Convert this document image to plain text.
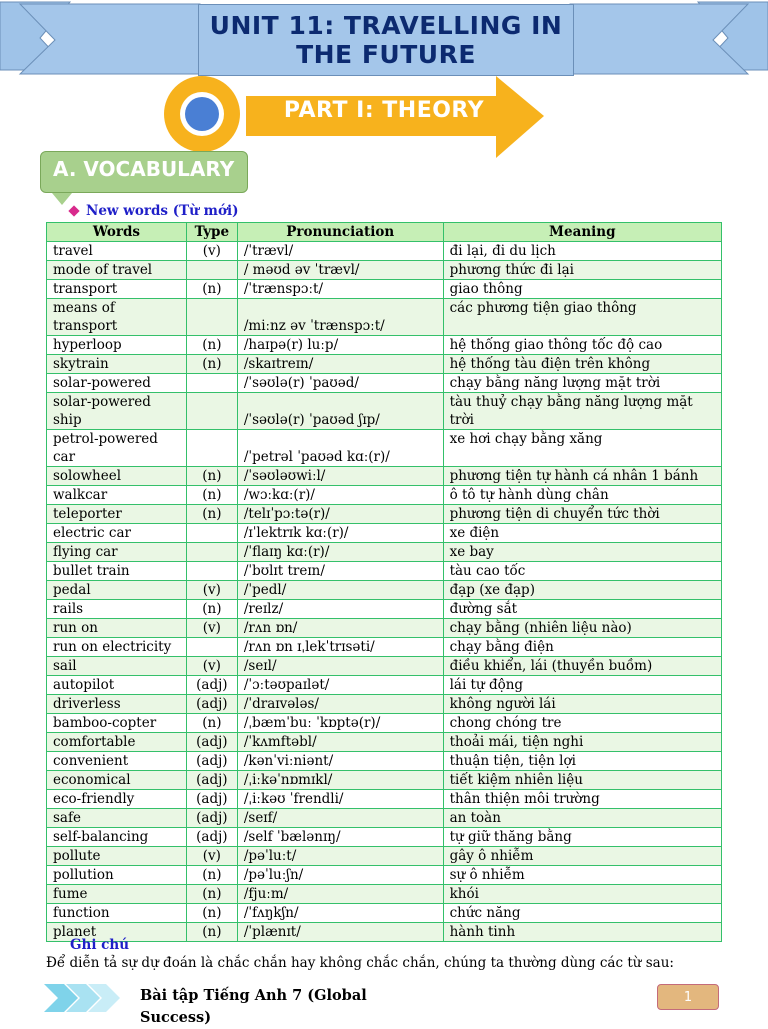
UNIT 11: TRAVELLING IN THE FUTURE
PART I: THEORY
A. VOCABULARY
New words (Từ mới)
Words	Type	Pronunciation	Meaning
travel	(v)	/ˈtrævl/	đi lại, đi du lịch
mode of travel		/ məʊd əv ˈtrævl/	phương thức đi lại
transport	(n)	/ˈtrænspɔːt/	giao thông
means of transport		/miːnz əv ˈtrænspɔːt/	các phương tiện giao thông
hyperloop	(n)	/haɪpə(r) luːp/	hệ thống giao thông tốc độ cao
skytrain	(n)	/skaɪtreɪn/	hệ thống tàu điện trên không
solar-powered		/ˈsəʊlə(r) ˈpaʊəd/	chạy bằng năng lượng mặt trời
solar-powered ship		/ˈsəʊlə(r) ˈpaʊəd ʃɪp/	tàu thuỷ chạy bằng năng lượng mặt trời
petrol-powered car		/ˈpetrəl ˈpaʊəd kɑː(r)/	xe hơi chạy bằng xăng
solowheel	(n)	/ˈsəʊləʊwiːl/	phương tiện tự hành cá nhân 1 bánh
walkcar	(n)	/wɔːkɑː(r)/	ô tô tự hành dùng chân
teleporter	(n)	/telɪˈpɔːtə(r)/	phương tiện di chuyển tức thời
electric car		/ɪˈlektrɪk kɑː(r)/	xe điện
flying car		/ˈflaɪŋ kɑː(r)/	xe bay
bullet train		/ˈbʊlɪt treɪn/	tàu cao tốc
pedal	(v)	/ˈpedl/	đạp (xe đạp)
rails	(n)	/reɪlz/	đường sắt
run on	(v)	/rʌn ɒn/	chạy bằng (nhiên liệu nào)
run on electricity		/rʌn ɒn ɪˌlekˈtrɪsəti/	chạy bằng điện
sail	(v)	/seɪl/	điều khiển, lái (thuyền buồm)
autopilot	(adj)	/ˈɔːtəʊpaɪlət/	lái tự động
driverless	(adj)	/ˈdraɪvələs/	không người lái
bamboo-copter	(n)	/ˌbæmˈbuː ˈkɒptə(r)/	chong chóng tre
comfortable	(adj)	/ˈkʌmftəbl/	thoải mái, tiện nghi
convenient	(adj)	/kənˈviːniənt/	thuận tiện, tiện lợi
economical	(adj)	/ˌiːkəˈnɒmɪkl/	tiết kiệm nhiên liệu
eco-friendly	(adj)	/ˌiːkəʊ ˈfrendli/	thân thiện môi trường
safe	(adj)	/seɪf/	an toàn
self-balancing	(adj)	/self ˈbælənɪŋ/	tự giữ thăng bằng
pollute	(v)	/pəˈluːt/	gây ô nhiễm
pollution	(n)	/pəˈluːʃn/	sự ô nhiễm
fume	(n)	/fjuːm/	khói
function	(n)	/ˈfʌŋkʃn/	chức năng
planet	(n)	/ˈplænɪt/	hành tinh
Ghi chú
Để diễn tả sự dự đoán là chắc chắn hay không chắc chắn, chúng ta thường dùng các từ sau:
Bài tập Tiếng Anh 7 (Global Success)
1
